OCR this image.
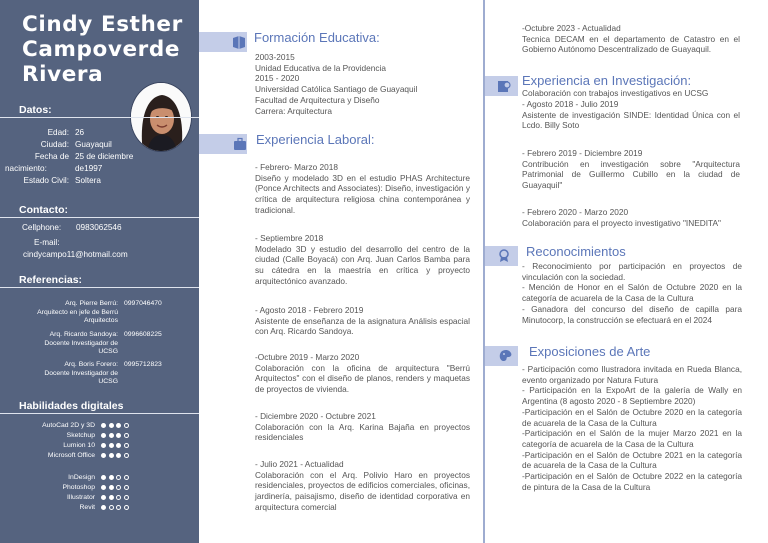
Cindy Esther
Campoverde
Rivera
Datos:
Edad: 26
Ciudad: Guayaquil
Fecha de 25 de diciembre
nacimiento:	de1997
Estado Civil: Soltera
Contacto:
Cellphone: 0983062546
E-mail:
cindycampo11@hotmail.com
Referencias:
Arq. Pierre Berrú:
Arquitecto en jefe de Berrú
Arquitectos
0997046470
Arq. Ricardo Sandoya:
Docente Investigador de
UCSG
0996608225
Arq. Boris Forero:
Docente Investigador de
UCSG
0995712823
Habilidades digitales
AutoCad 2D y 3D
Sketchup
Lumion 10
Microsoft Office
InDesign
Photoshop
Illustrator
Revit
Formación Educativa:

2003-2015

Unidad Educativa de la Providencia

2015 - 2020

Universidad Católica Santiago de Guayaquil

Facultad de Arquitectura y Diseño

Carrera: Arquitectura

Experiencia Laboral:

- Febrero- Marzo 2018

Diseño y modelado 3D en el estudio PHAS Architecture (Ponce Architects and Associates): Diseño, investigación y crítica de arquitectura religiosa china contemporánea y tradicional.

- Septiembre 2018

Modelado 3D y estudio del desarrollo del centro de la ciudad (Calle Boyacá) con Arq. Juan Carlos Bamba para su cátedra en la maestría en crítica y proyecto arquitectónico avanzado.

- Agosto 2018 - Febrero 2019

Asistente de enseñanza de la asignatura Análisis espacial con Arq. Ricardo Sandoya.

-Octubre 2019 - Marzo 2020

Colaboración con la oficina de arquitectura "Berrú Arquitectos" con el diseño de planos, renders y maquetas de proyectos de vivienda.

- Diciembre 2020 - Octubre 2021

Colaboración con la Arq. Karina Bajaña en proyectos residenciales

- Julio 2021 - Actualidad

Colaboración con el Arq. Polivio Haro en proyectos residenciales, proyectos de edificios comerciales, oficinas, jardinería, paisajismo, diseño de identidad corporativa en arquitectura comercial

-Octubre 2023 - Actualidad

Tecnica DECAM en el departamento de Catastro en el Gobierno Autónomo Descentralizado de Guayaquil.

Experiencia en Investigación:
Colaboración con trabajos investigativos en UCSG

- Agosto 2018 - Julio 2019

Asistente de investigación SINDE: Identidad Única con el Lcdo. Billy Soto

- Febrero 2019 - Diciembre 2019

Contribución en investigación sobre "Arquitectura Patrimonial de Guillermo Cubillo en la ciudad de Guayaquil"

- Febrero 2020 - Marzo 2020

Colaboración para el proyecto investigativo "INEDITA"

Reconocimientos

- Reconocimiento por participación en proyectos de vinculación con la sociedad.

- Mención de Honor en el Salón de Octubre 2020 en la categoría de acuarela de la Casa de la Cultura

- Ganadora del concurso del diseño de capilla para Minutocorp, la construcción se efectuará en el 2024

Exposiciones de Arte

- Participación como Ilustradora invitada en Rueda Blanca, evento organizado por Natura Futura

- Participación en la ExpoArt de la galería de Wally en Argentina (8 agosto 2020 - 8 Septiembre 2020)

-Participación en el Salón de Octubre 2020 en la categoría de acuarela de la Casa de la Cultura

-Participación en el Salón de la mujer Marzo 2021 en la categoría de acuarela de la Casa de la Cultura

-Participación en el Salón de Octubre 2021 en la categoría de acuarela de la Casa de la Cultura

-Participación en el Salón de Octubre 2022 en la categoría de pintura de la Casa de la Cultura
